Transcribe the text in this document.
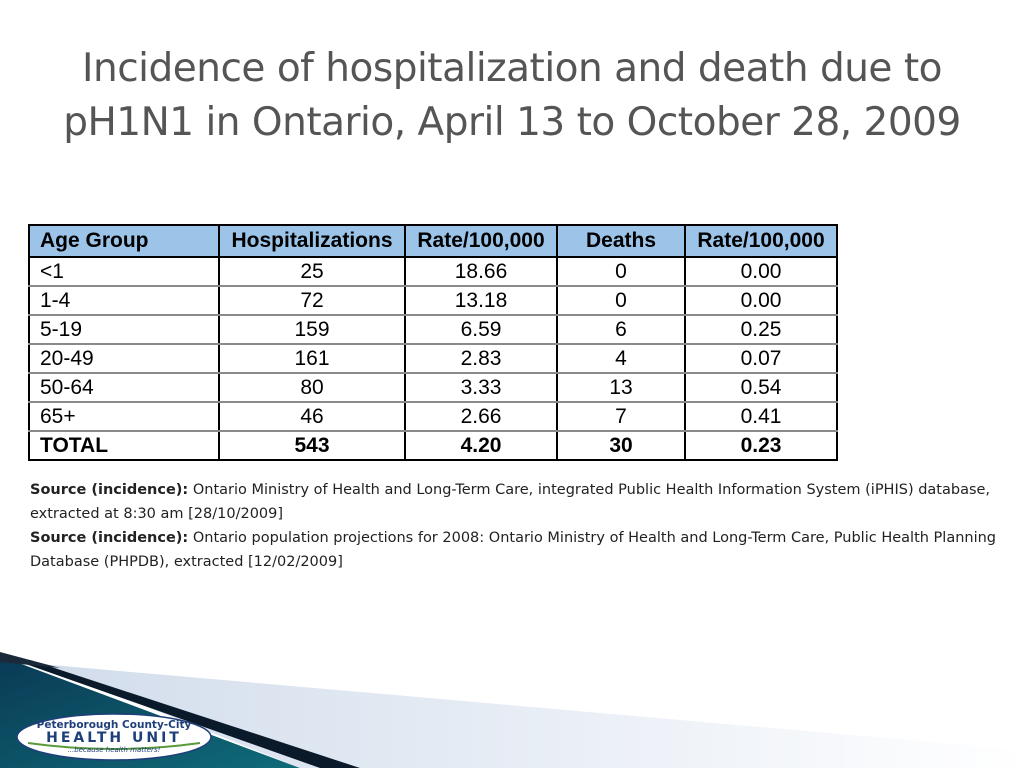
Incidence of hospitalization and death due to
pH1N1 in Ontario, April 13 to October 28, 2009
Age Group	Hospitalizations	Rate/100,000	Deaths	Rate/100,000
<1	25	18.66	0	0.00
1-4	72	13.18	0	0.00
5-19	159	6.59	6	0.25
20-49	161	2.83	4	0.07
50-64	80	3.33	13	0.54
65+	46	2.66	7	0.41
TOTAL	543	4.20	30	0.23

Source (incidence): Ontario Ministry of Health and Long-Term Care, integrated Public Health Information System (iPHIS) database, extracted at 8:30 am [28/10/2009]

Source (incidence): Ontario population projections for 2008: Ontario Ministry of Health and Long-Term Care, Public Health Planning Database (PHPDB), extracted [12/02/2009]

Peterborough County-City
HEALTH UNIT
...because health matters!
